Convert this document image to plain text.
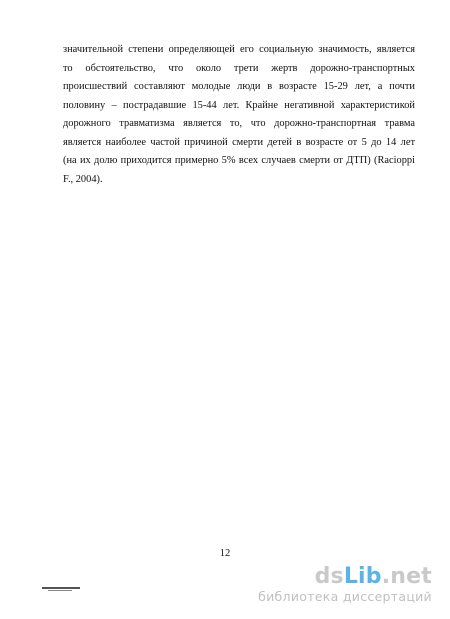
значительной степени определяющей его социальную значимость, является
то обстоятельство, что около трети жертв дорожно-транспортных
происшествий составляют молодые люди в возрасте 15-29 лет, а почти
половину – пострадавшие 15-44 лет. Крайне негативной характеристикой
дорожного травматизма является то, что дорожно-транспортная травма
является наиболее частой причиной смерти детей в возрасте от 5 до 14 лет
(на их долю приходится примерно 5% всех случаев смерти от ДТП) (Racioppi
F., 2004).
12
dsLib.net
библиотека диссертаций
